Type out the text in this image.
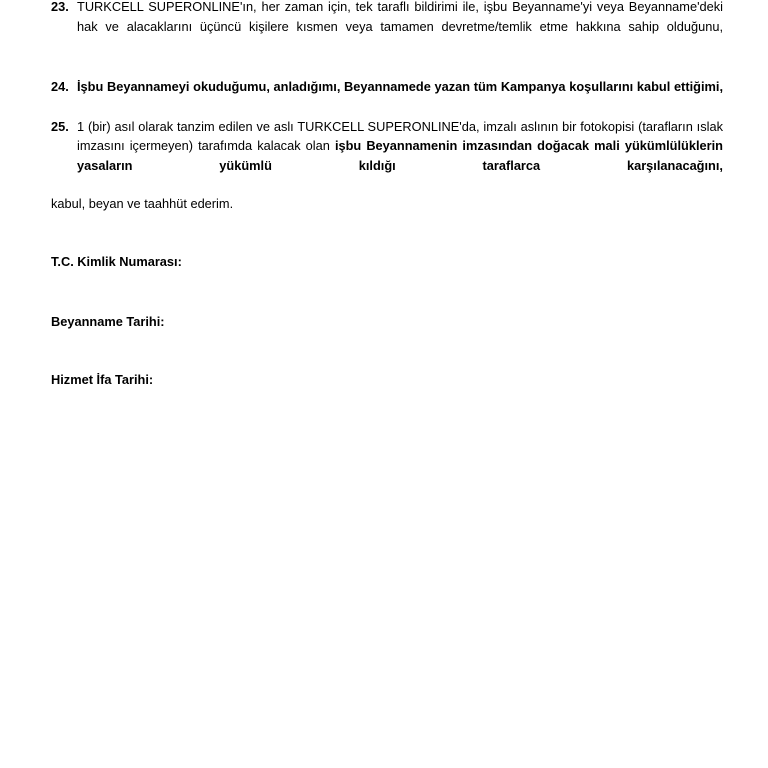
23. TURKCELL SUPERONLINE'ın, her zaman için, tek taraflı bildirimi ile, işbu Beyanname'yi veya Beyanname'deki hak ve alacaklarını üçüncü kişilere kısmen veya tamamen devretme/temlik etme hakkına sahip olduğunu,
24. İşbu Beyannameyi okuduğumu, anladığımı, Beyannamede yazan tüm Kampanya koşullarını kabul ettiğimi,
25. 1 (bir) asıl olarak tanzim edilen ve aslı TURKCELL SUPERONLINE'da, imzalı aslının bir fotokopisi (tarafların ıslak imzasını içermeyen) tarafımda kalacak olan işbu Beyannamenin imzasından doğacak mali yükümlülüklerin yasaların yükümlü kıldığı taraflarca karşılanacağını,
kabul, beyan ve taahhüt ederim.
T.C. Kimlik Numarası:
Beyanname Tarihi:
Hizmet İfa Tarihi:
